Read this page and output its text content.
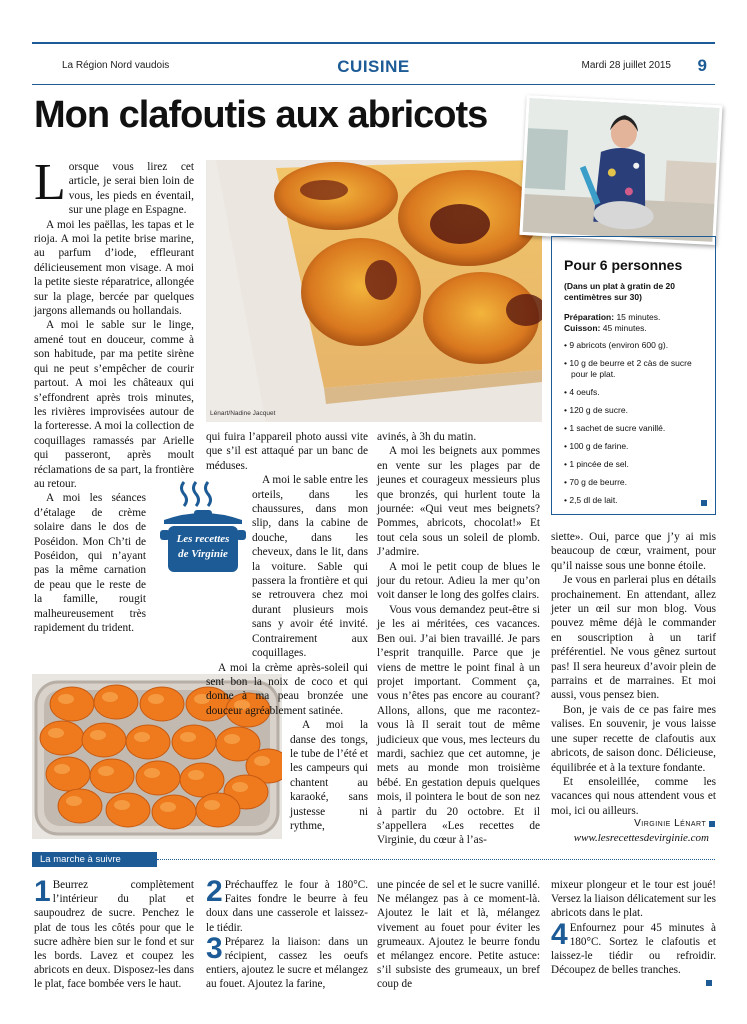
La Région Nord vaudois	CUISINE	Mardi 28 juillet 2015 9
Mon clafoutis aux abricots
Lénart/Nadine Jacquet

Lorsque vous lirez cet article, je serai bien loin de vous, les pieds en éventail, sur une plage en Espagne.

A moi les paëllas, les tapas et le rioja. A moi la petite brise marine, au parfum d’iode, effleurant délicieusement mon visage. A moi la petite sieste réparatrice, allongée sur la plage, bercée par quelques jargons allemands ou hollandais.

A moi le sable sur le linge, amené tout en douceur, comme à son habitude, par ma petite sirène qui ne peut s’empêcher de courir partout. A moi les châteaux qui s’effondrent après trois minutes, les rivières improvisées autour de la forteresse. A moi la collection de coquillages ramassés par Arielle qui passeront, après moult réclamations de sa part, la frontière au retour.

A moi les séances d’étalage de crème solaire dans le dos de Poséidon. Mon Ch’ti de Poséidon, qui n’ayant pas la même carnation de peau que le reste de la famille, rougit malheureusement très rapidement du trident.

Les recettes
de Virginie

qui fuira l’appareil photo aussi vite que s’il est attaqué par un banc de méduses.

A moi le sable entre les orteils, dans les chaussures, dans mon slip, dans la cabine de douche, dans les cheveux, dans le lit, dans la voiture. Sable qui passera la frontière et qui se retrouvera chez moi durant plusieurs mois sans y avoir été invité. Contrairement aux coquillages.

A moi la crème après-soleil qui sent bon la noix de coco et qui donne à ma peau bronzée une douceur agréablement satinée.

A moi la danse des tongs, le tube de l’été et les campeurs qui chantent au karaoké, sans justesse ni rythme,

avinés, à 3h du matin.

A moi les beignets aux pommes en vente sur les plages par de jeunes et courageux messieurs plus que bronzés, qui hurlent toute la journée: «Qui veut mes beignets? Pommes, abricots, chocolat!» Et tout cela sous un soleil de plomb. J’admire.

A moi le petit coup de blues le jour du retour. Adieu la mer qu’on voit danser le long des golfes clairs.

Vous vous demandez peut-être si je les ai méritées, ces vacances. Ben oui. J’ai bien travaillé. Je pars l’esprit tranquille. Parce que je viens de mettre le point final à un projet important. Comment ça, vous n’êtes pas encore au courant? Allons, allons, que me racontez-vous là Il serait tout de même judicieux que vous, mes lecteurs du mardi, sachiez que cet automne, je mets au monde mon troisième bébé. En gestation depuis quelques mois, il pointera le bout de son nez à partir du 20 octobre. Et il s’appellera «Les recettes de Virginie, du cœur à l’as-

Pour 6 personnes
(Dans un plat à gratin de 20 centimètres sur 30)
Préparation: 15 minutes.
Cuisson: 45 minutes.
• 9 abricots (environ 600 g).
• 10 g de beurre et 2 càs de sucre pour le plat.
• 4 oeufs.
• 120 g de sucre.
• 1 sachet de sucre vanillé.
• 100 g de farine.
• 1 pincée de sel.
• 70 g de beurre.
• 2,5 dl de lait.

siette». Oui, parce que j’y ai mis beaucoup de cœur, vraiment, pour qu’il naisse sous une bonne étoile.

Je vous en parlerai plus en détails prochainement. En attendant, allez jeter un œil sur mon blog. Vous pouvez même déjà le commander en souscription à un tarif préférentiel. Ne vous gênez surtout pas! Il sera heureux d’avoir plein de parrains et de marraines. Et moi aussi, vous pensez bien.

Bon, je vais de ce pas faire mes valises. En souvenir, je vous laisse une super recette de clafoutis aux abricots, de saison donc. Délicieuse, équilibrée et à la texture fondante.

Et ensoleillée, comme les vacances qui nous attendent vous et moi, ici ou ailleurs.

Virginie Lénart
www.lesrecettesdevirginie.com
La marche à suivre
1 Beurrez complètement l’intérieur du plat et saupoudrez de sucre. Penchez le plat de tous les côtés pour que le sucre adhère bien sur le fond et sur les bords. Lavez et coupez les abricots en deux. Disposez-les dans le plat, face bombée vers le haut.
2 Préchauffez le four à 180°C. Faites fondre le beurre à feu doux dans une casserole et laissez-le tiédir.
3 Préparez la liaison: dans un récipient, cassez les oeufs entiers, ajoutez le sucre et mélangez au fouet. Ajoutez la farine,
une pincée de sel et le sucre vanillé. Ne mélangez pas à ce moment-là. Ajoutez le lait et là, mélangez vivement au fouet pour éviter les grumeaux. Ajoutez le beurre fondu et mélangez encore. Petite astuce: s’il subsiste des grumeaux, un bref coup de
mixeur plongeur et le tour est joué! Versez la liaison délicatement sur les abricots dans le plat.
4 Enfournez pour 45 minutes à 180°C. Sortez le clafoutis et laissez-le tiédir ou refroidir. Découpez de belles tranches.
